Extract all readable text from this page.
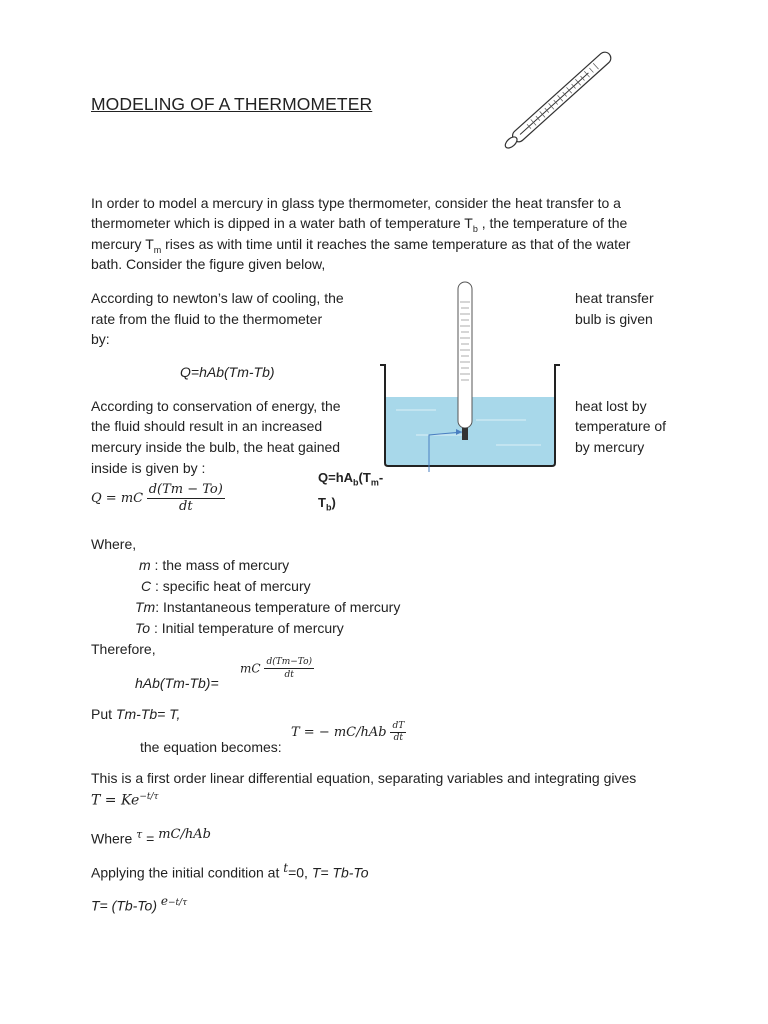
MODELING OF A THERMOMETER
In order to model a mercury in glass type thermometer, consider the heat transfer to a
thermometer which is dipped in a water bath of temperature $T_b$ , the temperature of the
mercury $T_m$ rises as with time until it reaches the same temperature as that of the water
bath. Consider the figure given below,
According to newton’s law of cooling, the
rate from the fluid to the thermometer
by:
heat transfer
bulb is given
Q=hAb(Tm-Tb)
According to conservation of energy, the
the fluid should result in an increased
mercury inside the bulb, the heat gained
inside is given by :
heat lost by
temperature of
by mercury
$Q=hA_b(T_m-$
$T_b$)
Q = mC $\frac{d(Tm - To)}{dt}$
Where,
m : the mass of mercury
C : specific heat of mercury
Tm: Instantaneous temperature of mercury
To : Initial temperature of mercury
Therefore,
hAb(Tm-Tb)=
mC $\frac{d(Tm-To)}{dt}$
Put Tm-Tb= T,
T = − $mC/hAb \frac{dT}{dt}$
the equation becomes:
This is a first order linear differential equation, separating variables and integrating gives
$T = Ke^{-t/\tau}$
Where $^\tau$ = $^{mC/hAb}$
Applying the initial condition at $^t$=0, T= Tb-To
T= (Tb-To) $^{e-t/\tau}$
